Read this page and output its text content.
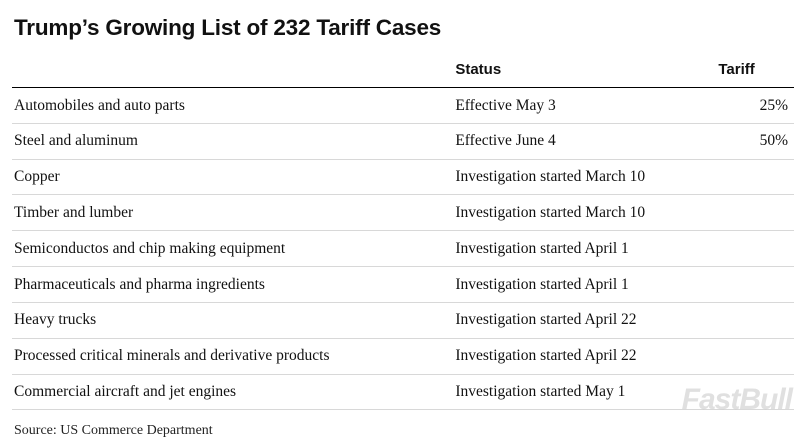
Trump’s Growing List of 232 Tariff Cases
	Status	Tariff
Automobiles and auto parts	Effective May 3	25%
Steel and aluminum	Effective June 4	50%
Copper	Investigation started March 10	
Timber and lumber	Investigation started March 10	
Semiconductos and chip making equipment	Investigation started April 1	
Pharmaceuticals and pharma ingredients	Investigation started April 1	
Heavy trucks	Investigation started April 22	
Processed critical minerals and derivative products	Investigation started April 22	
Commercial aircraft and jet engines	Investigation started May 1	
Source: US Commerce Department
FastBull
